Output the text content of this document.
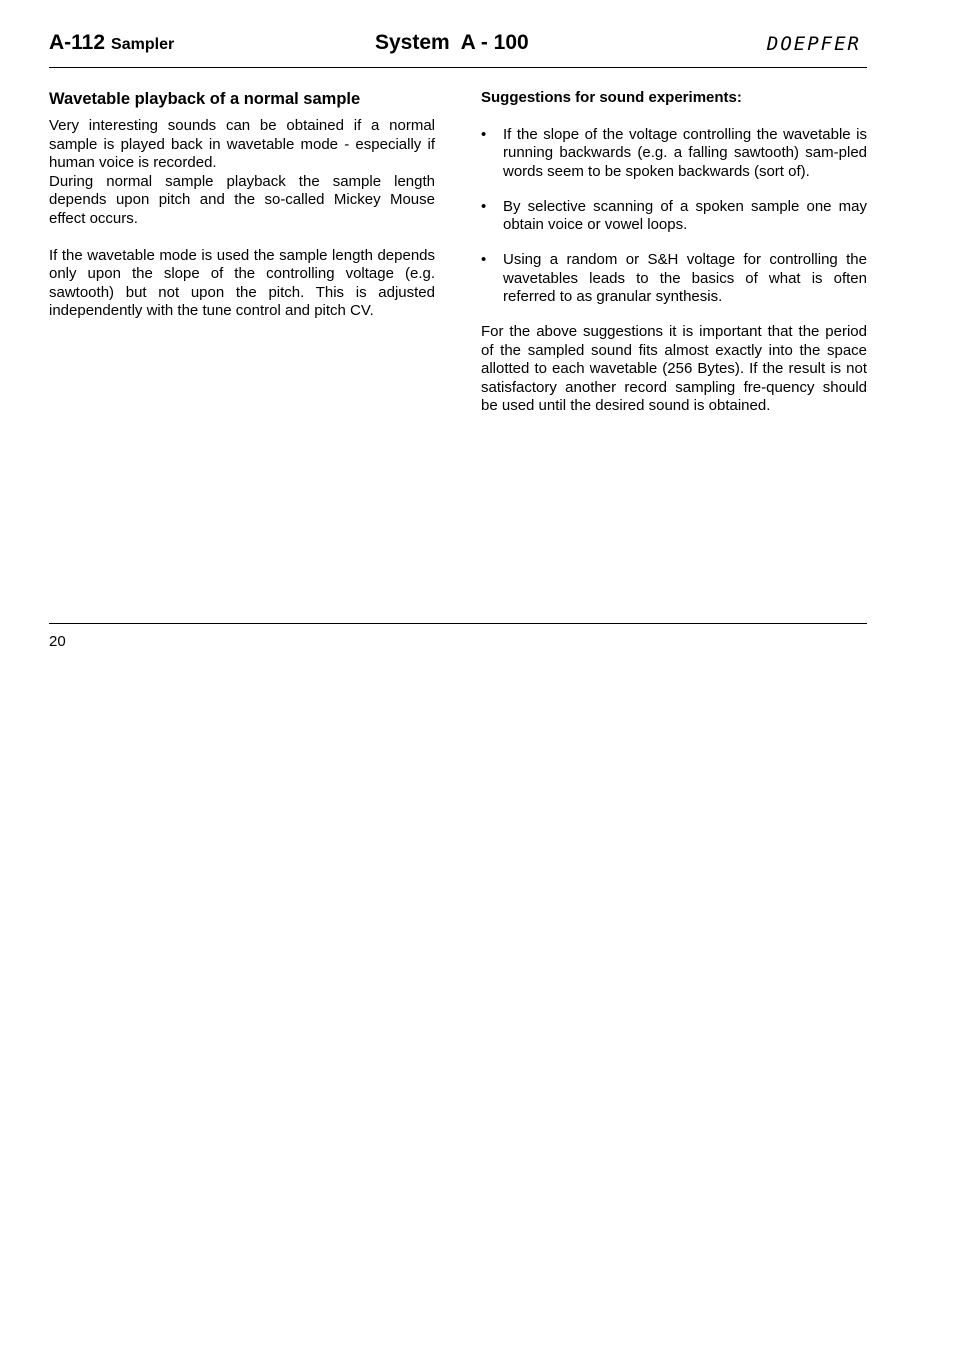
A-112 Sampler	System  A - 100	DOEPFER
Wavetable playback of a normal sample

Very interesting sounds can be obtained if a normal sample is played back in wavetable mode - especially if human voice is recorded.

During normal sample playback the sample length depends upon pitch and the so-called Mickey Mouse effect occurs.

If the wavetable mode is used the sample length depends only upon the slope of the controlling voltage (e.g. sawtooth) but not upon the pitch. This is adjusted independently with the tune control and pitch CV.

Suggestions for sound experiments:
• If the slope of the voltage controlling the wavetable is running backwards (e.g. a falling sawtooth) sam-pled words seem to be spoken backwards (sort of).
• By selective scanning of a spoken sample one may obtain voice or vowel loops.
• Using a random or S&H voltage for controlling the wavetables leads to the basics of what is often referred to as granular synthesis.

For the above suggestions it is important that the period of the sampled sound fits almost exactly into the space allotted to each wavetable (256 Bytes). If the result is not satisfactory another record sampling fre-quency should be used until the desired sound is obtained.

20
